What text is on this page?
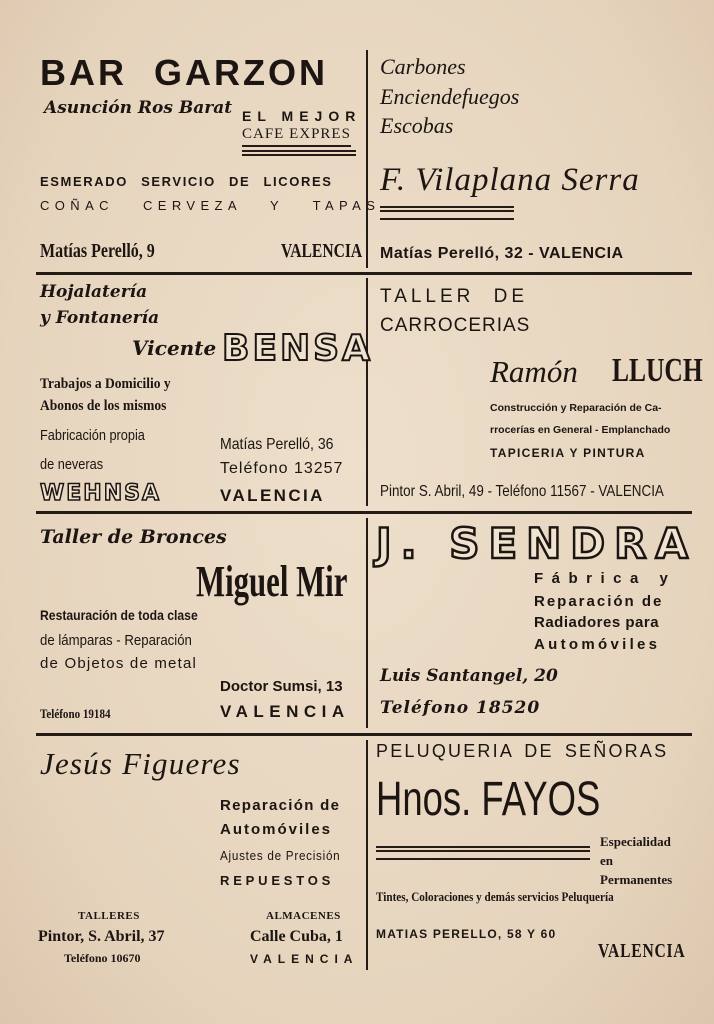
BAR GARZON
Asunción Ros Barat EL MEJOR
CAFE EXPRES
ESMERADO SERVICIO DE LICORES
COÑAC CERVEZA Y TAPAS
Matías Perelló, 9	VALENCIA
Carbones
Enciendefuegos
Escobas
F. Vilaplana Serra
Matías Perelló, 32 - VALENCIA
Hojalatería
y Fontanería
Vicente BENSA
Trabajos a Domicilio y
Abonos de los mismos
Fabricación propia
de neveras
Matías Perelló, 36
Teléfono 13257
WEHNSA	VALENCIA
TALLER DE
CARROCERIAS
Ramón LLUCH
Construcción y Reparación de Ca-
rrocerías en General - Emplanchado
TAPICERIA Y PINTURA
Pintor S. Abril, 49 - Teléfono 11567 - VALENCIA
Taller de Bronces
Miguel Mir
Restauración de toda clase
de lámparas - Reparación
de Objetos de metal
Doctor Sumsi, 13
Teléfono 19184	VALENCIA
J. SENDRA
Fábrica y
Reparación de
Radiadores para
Automóviles
Luis Santangel, 20
Teléfono 18520
Jesús Figueres
Reparación de
Automóviles
Ajustes de Precisión
REPUESTOS
TALLERES
Pintor, S. Abril, 37
Teléfono 10670
ALMACENES
Calle Cuba, 1
VALENCIA
PELUQUERIA DE SEÑORAS
Hnos. FAYOS
Especialidad
en
Permanentes
Tintes, Coloraciones y demás servicios Peluquería
MATIAS PERELLO, 58 Y 60
VALENCIA
